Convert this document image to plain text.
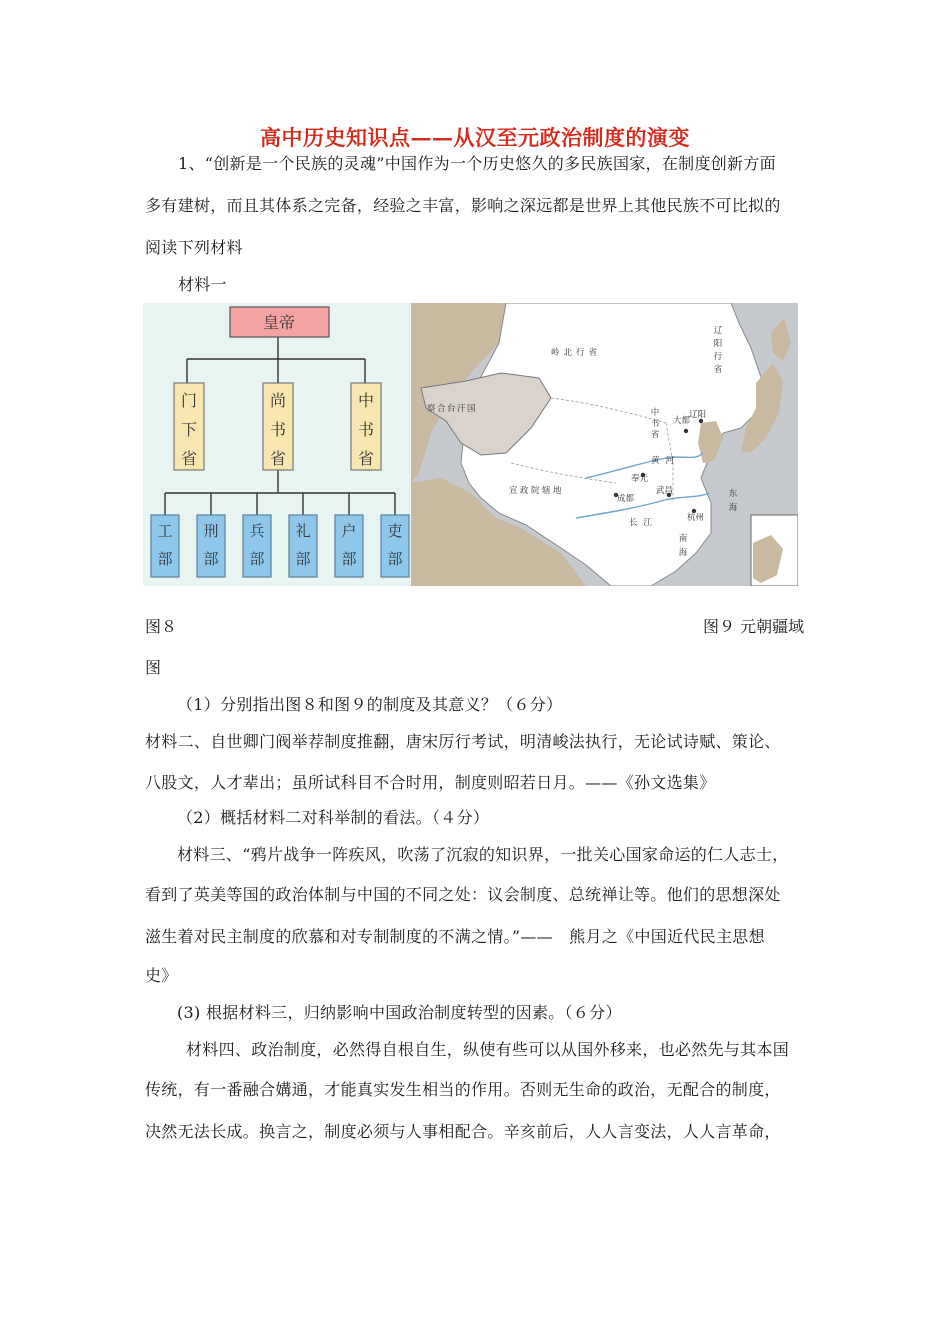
高中历史知识点——从汉至元政治制度的演变
1、“创新是一个民族的灵魂”中国作为一个历史悠久的多民族国家，在制度创新方面
多有建树，而且其体系之完备，经验之丰富，影响之深远都是世界上其他民族不可比拟的
阅读下列材料
材料一
皇帝
门
下
省
尚
书
省
中
书
省
工
部
刑
部
兵
部
礼
部
户
部
吏
部
岭北行省
察合台汗国
宣政院辖地
大都
辽阳
奉元
成都
武昌
杭州
黄河
长江
辽
阳
行
省
中
书
省
东
海
南
海
图８	图９ 元朝疆域
图
（1）分别指出图８和图９的制度及其意义？（６分）
材料二、自世卿门阀举荐制度推翻，唐宋厉行考试，明清峻法执行，无论试诗赋、策论、
八股文，人才辈出；虽所试科目不合时用，制度则昭若日月。——《孙文选集》
（2）概括材料二对科举制的看法。（４分）
材料三、“鸦片战争一阵疾风，吹荡了沉寂的知识界，一批关心国家命运的仁人志士，
看到了英美等国的政治体制与中国的不同之处：议会制度、总统禅让等。他们的思想深处
滋生着对民主制度的欣慕和对专制制度的不满之情。”——　熊月之《中国近代民主思想
史》
(3) 根据材料三，归纳影响中国政治制度转型的因素。（６分）
材料四、政治制度，必然得自根自生，纵使有些可以从国外移来，也必然先与其本国
传统，有一番融合媾通，才能真实发生相当的作用。否则无生命的政治，无配合的制度，
决然无法长成。换言之，制度必须与人事相配合。辛亥前后，人人言变法，人人言革命，
